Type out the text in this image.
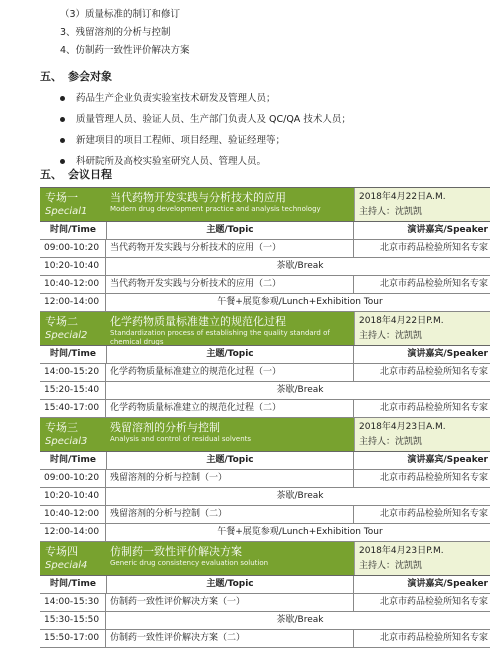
（3）质量标准的制订和修订
3、残留溶剂的分析与控制
4、仿制药一致性评价解决方案
五、 参会对象
药品生产企业负责实验室技术研发及管理人员；
质量管理人员、验证人员、生产部门负责人及 QC/QA 技术人员；
新建项目的项目工程师、项目经理、验证经理等；
科研院所及高校实验室研究人员、管理人员。
五、 会议日程
专场一
Special1
当代药物开发实践与分析技术的应用
Modern drug development practice and analysis technology
2018年4月22日A.M.
主持人：沈凯凯
时间/Time	主题/Topic	演讲嘉宾/Speaker
09:00-10:20	当代药物开发实践与分析技术的应用（一）	北京市药品检验所知名专家
10:20-10:40	茶歇/Break
10:40-12:00	当代药物开发实践与分析技术的应用（二）	北京市药品检验所知名专家
12:00-14:00	午餐+展览参观/Lunch+Exhibition Tour
专场二
Special2
化学药物质量标准建立的规范化过程
Standardization process of establishing the quality standard of chemical drugs
2018年4月22日P.M.
主持人：沈凯凯
时间/Time	主题/Topic	演讲嘉宾/Speaker
14:00-15:20	化学药物质量标准建立的规范化过程（一）	北京市药品检验所知名专家
15:20-15:40	茶歇/Break
15:40-17:00	化学药物质量标准建立的规范化过程（二）	北京市药品检验所知名专家
专场三
Special3
残留溶剂的分析与控制
Analysis and control of residual solvents
2018年4月23日A.M.
主持人：沈凯凯
时间/Time	主题/Topic	演讲嘉宾/Speaker
09:00-10:20	残留溶剂的分析与控制（一）	北京市药品检验所知名专家
10:20-10:40	茶歇/Break
10:40-12:00	残留溶剂的分析与控制（二）	北京市药品检验所知名专家
12:00-14:00	午餐+展览参观/Lunch+Exhibition Tour
专场四
Special4
仿制药一致性评价解决方案
Generic drug consistency evaluation solution
2018年4月23日P.M.
主持人：沈凯凯
时间/Time	主题/Topic	演讲嘉宾/Speaker
14:00-15:30	仿制药一致性评价解决方案（一）	北京市药品检验所知名专家
15:30-15:50	茶歇/Break
15:50-17:00	仿制药一致性评价解决方案（二）	北京市药品检验所知名专家
